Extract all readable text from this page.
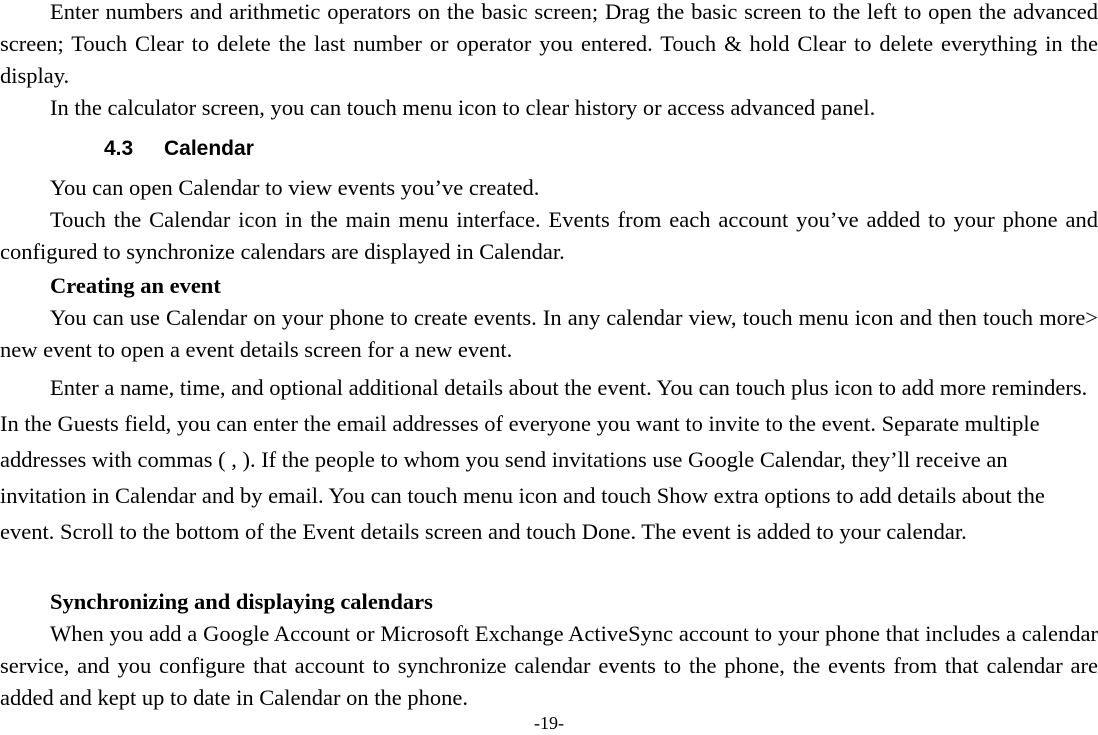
Enter numbers and arithmetic operators on the basic screen; Drag the basic screen to the left to open the advanced screen; Touch Clear to delete the last number or operator you entered. Touch & hold Clear to delete everything in the display.

In the calculator screen, you can touch menu icon to clear history or access advanced panel.

4.3 Calendar

You can open Calendar to view events you’ve created.

Touch the Calendar icon in the main menu interface. Events from each account you’ve added to your phone and configured to synchronize calendars are displayed in Calendar.

Creating an event

You can use Calendar on your phone to create events. In any calendar view, touch menu icon and then touch more> new event to open a event details screen for a new event.

Enter a name, time, and optional additional details about the event. You can touch plus icon to add more reminders. In the Guests field, you can enter the email addresses of everyone you want to invite to the event. Separate multiple addresses with commas ( , ). If the people to whom you send invitations use Google Calendar, they’ll receive an invitation in Calendar and by email. You can touch menu icon and touch Show extra options to add details about the event. Scroll to the bottom of the Event details screen and touch Done. The event is added to your calendar.

Synchronizing and displaying calendars

When you add a Google Account or Microsoft Exchange ActiveSync account to your phone that includes a calendar service, and you configure that account to synchronize calendar events to the phone, the events from that calendar are added and kept up to date in Calendar on the phone.

-19-
